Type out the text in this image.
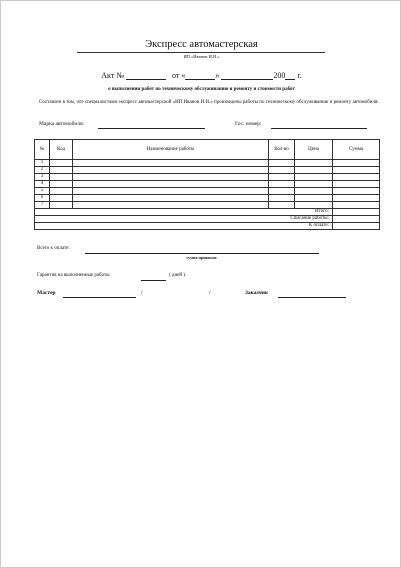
Экспресс автомастерская
ИП «Иванов И.И.»
Акт №	от «	»	200 г.
о выполнении работ по техническому обслуживанию и ремонту и стоимости работ
Составлен в том, что специалистами экспресс автомастерской «ИП Иванов И.И.» произведены работы по техническому обслуживанию и ремонту автомобиля:
Марка автомобиля:	Гос. номер:
№	Код	Наименование работы	Кол-во	Цена	Сумма
1					
2					
3					
4					
5					
6					
7					
Итого:					
Списание работы:					
К оплате:					
Всего к оплате:
сумма прописью
Гарантия на выполненные работы	( дней ).
Мастер	/	/	Заказчик
